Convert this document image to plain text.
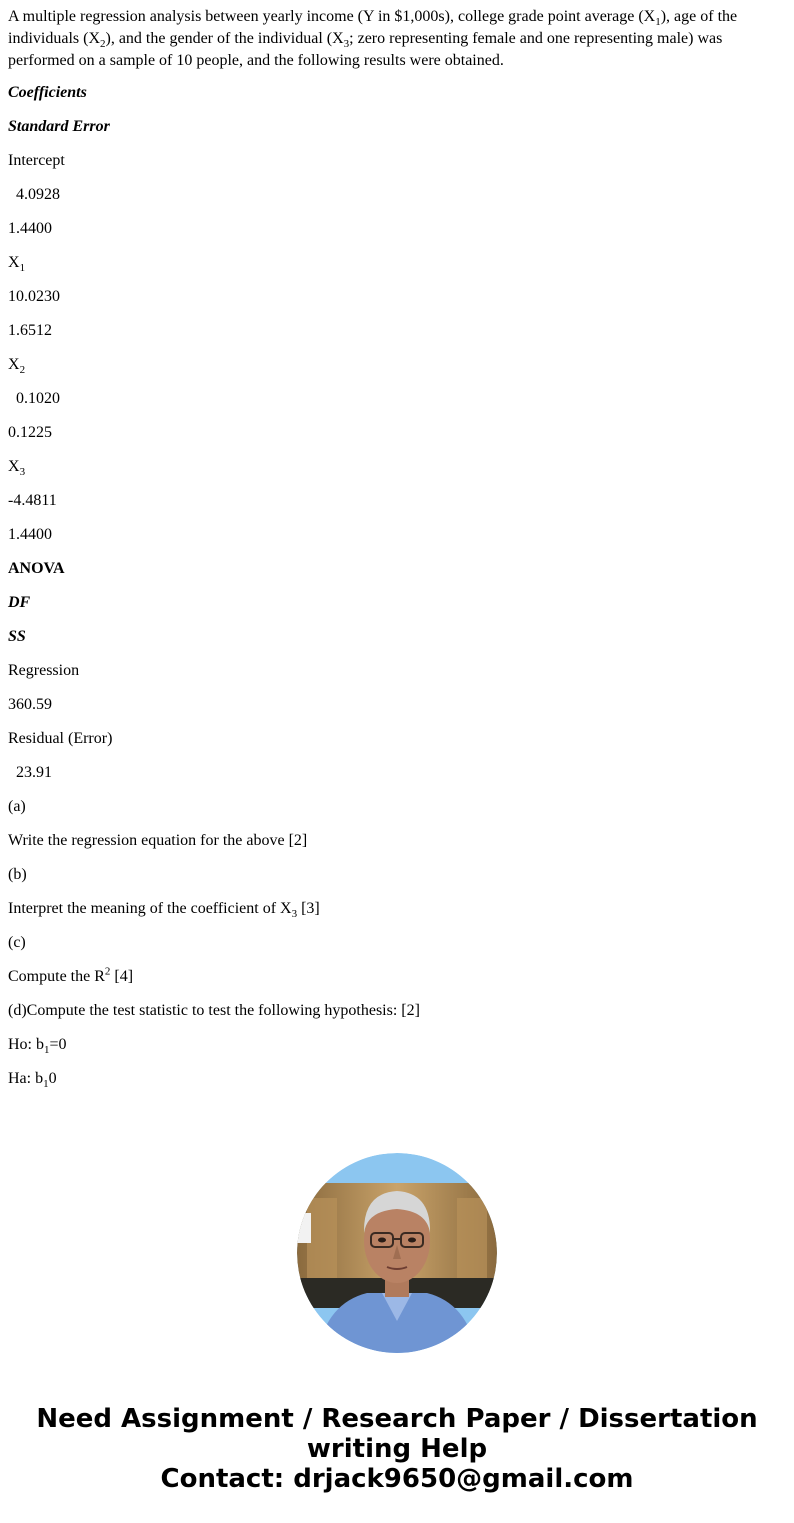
A multiple regression analysis between yearly income (Y in $1,000s), college grade point average $(X_1)$, age of the individuals $(X_2)$, and the gender of the individual ($X_3$; zero representing female and one representing male) was performed on a sample of 10 people, and the following results were obtained.

Coefficients

Standard Error

Intercept

4.0928

1.4400

$X_1$

10.0230

1.6512

$X_2$

0.1020

0.1225

$X_3$

-4.4811

1.4400

ANOVA

DF

SS

Regression

360.59

Residual (Error)

23.91

(a)

Write the regression equation for the above [2]

(b)

Interpret the meaning of the coefficient of $X_3$ [3]

(c)

Compute the $R^2$ [4]

(d)Compute the test statistic to test the following hypothesis: [2]

Ho: $b_1=0$

Ha: $b_10$

Need Assignment / Research Paper / Dissertation
writing Help
Contact: drjack9650@gmail.com
